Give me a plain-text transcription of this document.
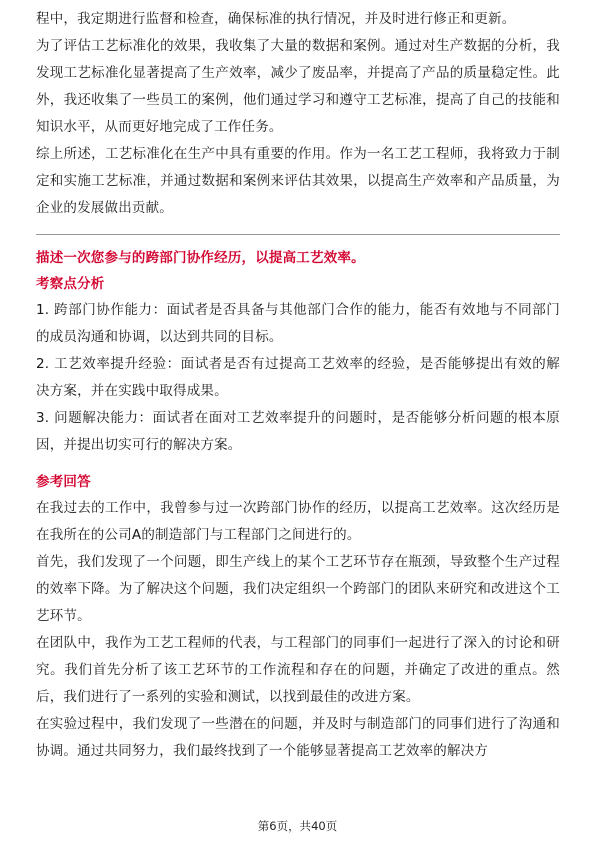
程中，我定期进行监督和检查，确保标准的执行情况，并及时进行修正和更新。

为了评估工艺标准化的效果，我收集了大量的数据和案例。通过对生产数据的分析，我发现工艺标准化显著提高了生产效率，减少了废品率，并提高了产品的质量稳定性。此外，我还收集了一些员工的案例，他们通过学习和遵守工艺标准，提高了自己的技能和知识水平，从而更好地完成了工作任务。

综上所述，工艺标准化在生产中具有重要的作用。作为一名工艺工程师，我将致力于制定和实施工艺标准，并通过数据和案例来评估其效果，以提高生产效率和产品质量，为企业的发展做出贡献。

描述一次您参与的跨部门协作经历，以提高工艺效率。

考察点分析

1. 跨部门协作能力：面试者是否具备与其他部门合作的能力，能否有效地与不同部门的成员沟通和协调，以达到共同的目标。

2. 工艺效率提升经验：面试者是否有过提高工艺效率的经验，是否能够提出有效的解决方案，并在实践中取得成果。

3. 问题解决能力：面试者在面对工艺效率提升的问题时，是否能够分析问题的根本原因，并提出切实可行的解决方案。

参考回答

在我过去的工作中，我曾参与过一次跨部门协作的经历，以提高工艺效率。这次经历是在我所在的公司A的制造部门与工程部门之间进行的。

首先，我们发现了一个问题，即生产线上的某个工艺环节存在瓶颈，导致整个生产过程的效率下降。为了解决这个问题，我们决定组织一个跨部门的团队来研究和改进这个工艺环节。

在团队中，我作为工艺工程师的代表，与工程部门的同事们一起进行了深入的讨论和研究。我们首先分析了该工艺环节的工作流程和存在的问题，并确定了改进的重点。然后，我们进行了一系列的实验和测试，以找到最佳的改进方案。

在实验过程中，我们发现了一些潜在的问题，并及时与制造部门的同事们进行了沟通和协调。通过共同努力，我们最终找到了一个能够显著提高工艺效率的解决方

第6页，共40页
